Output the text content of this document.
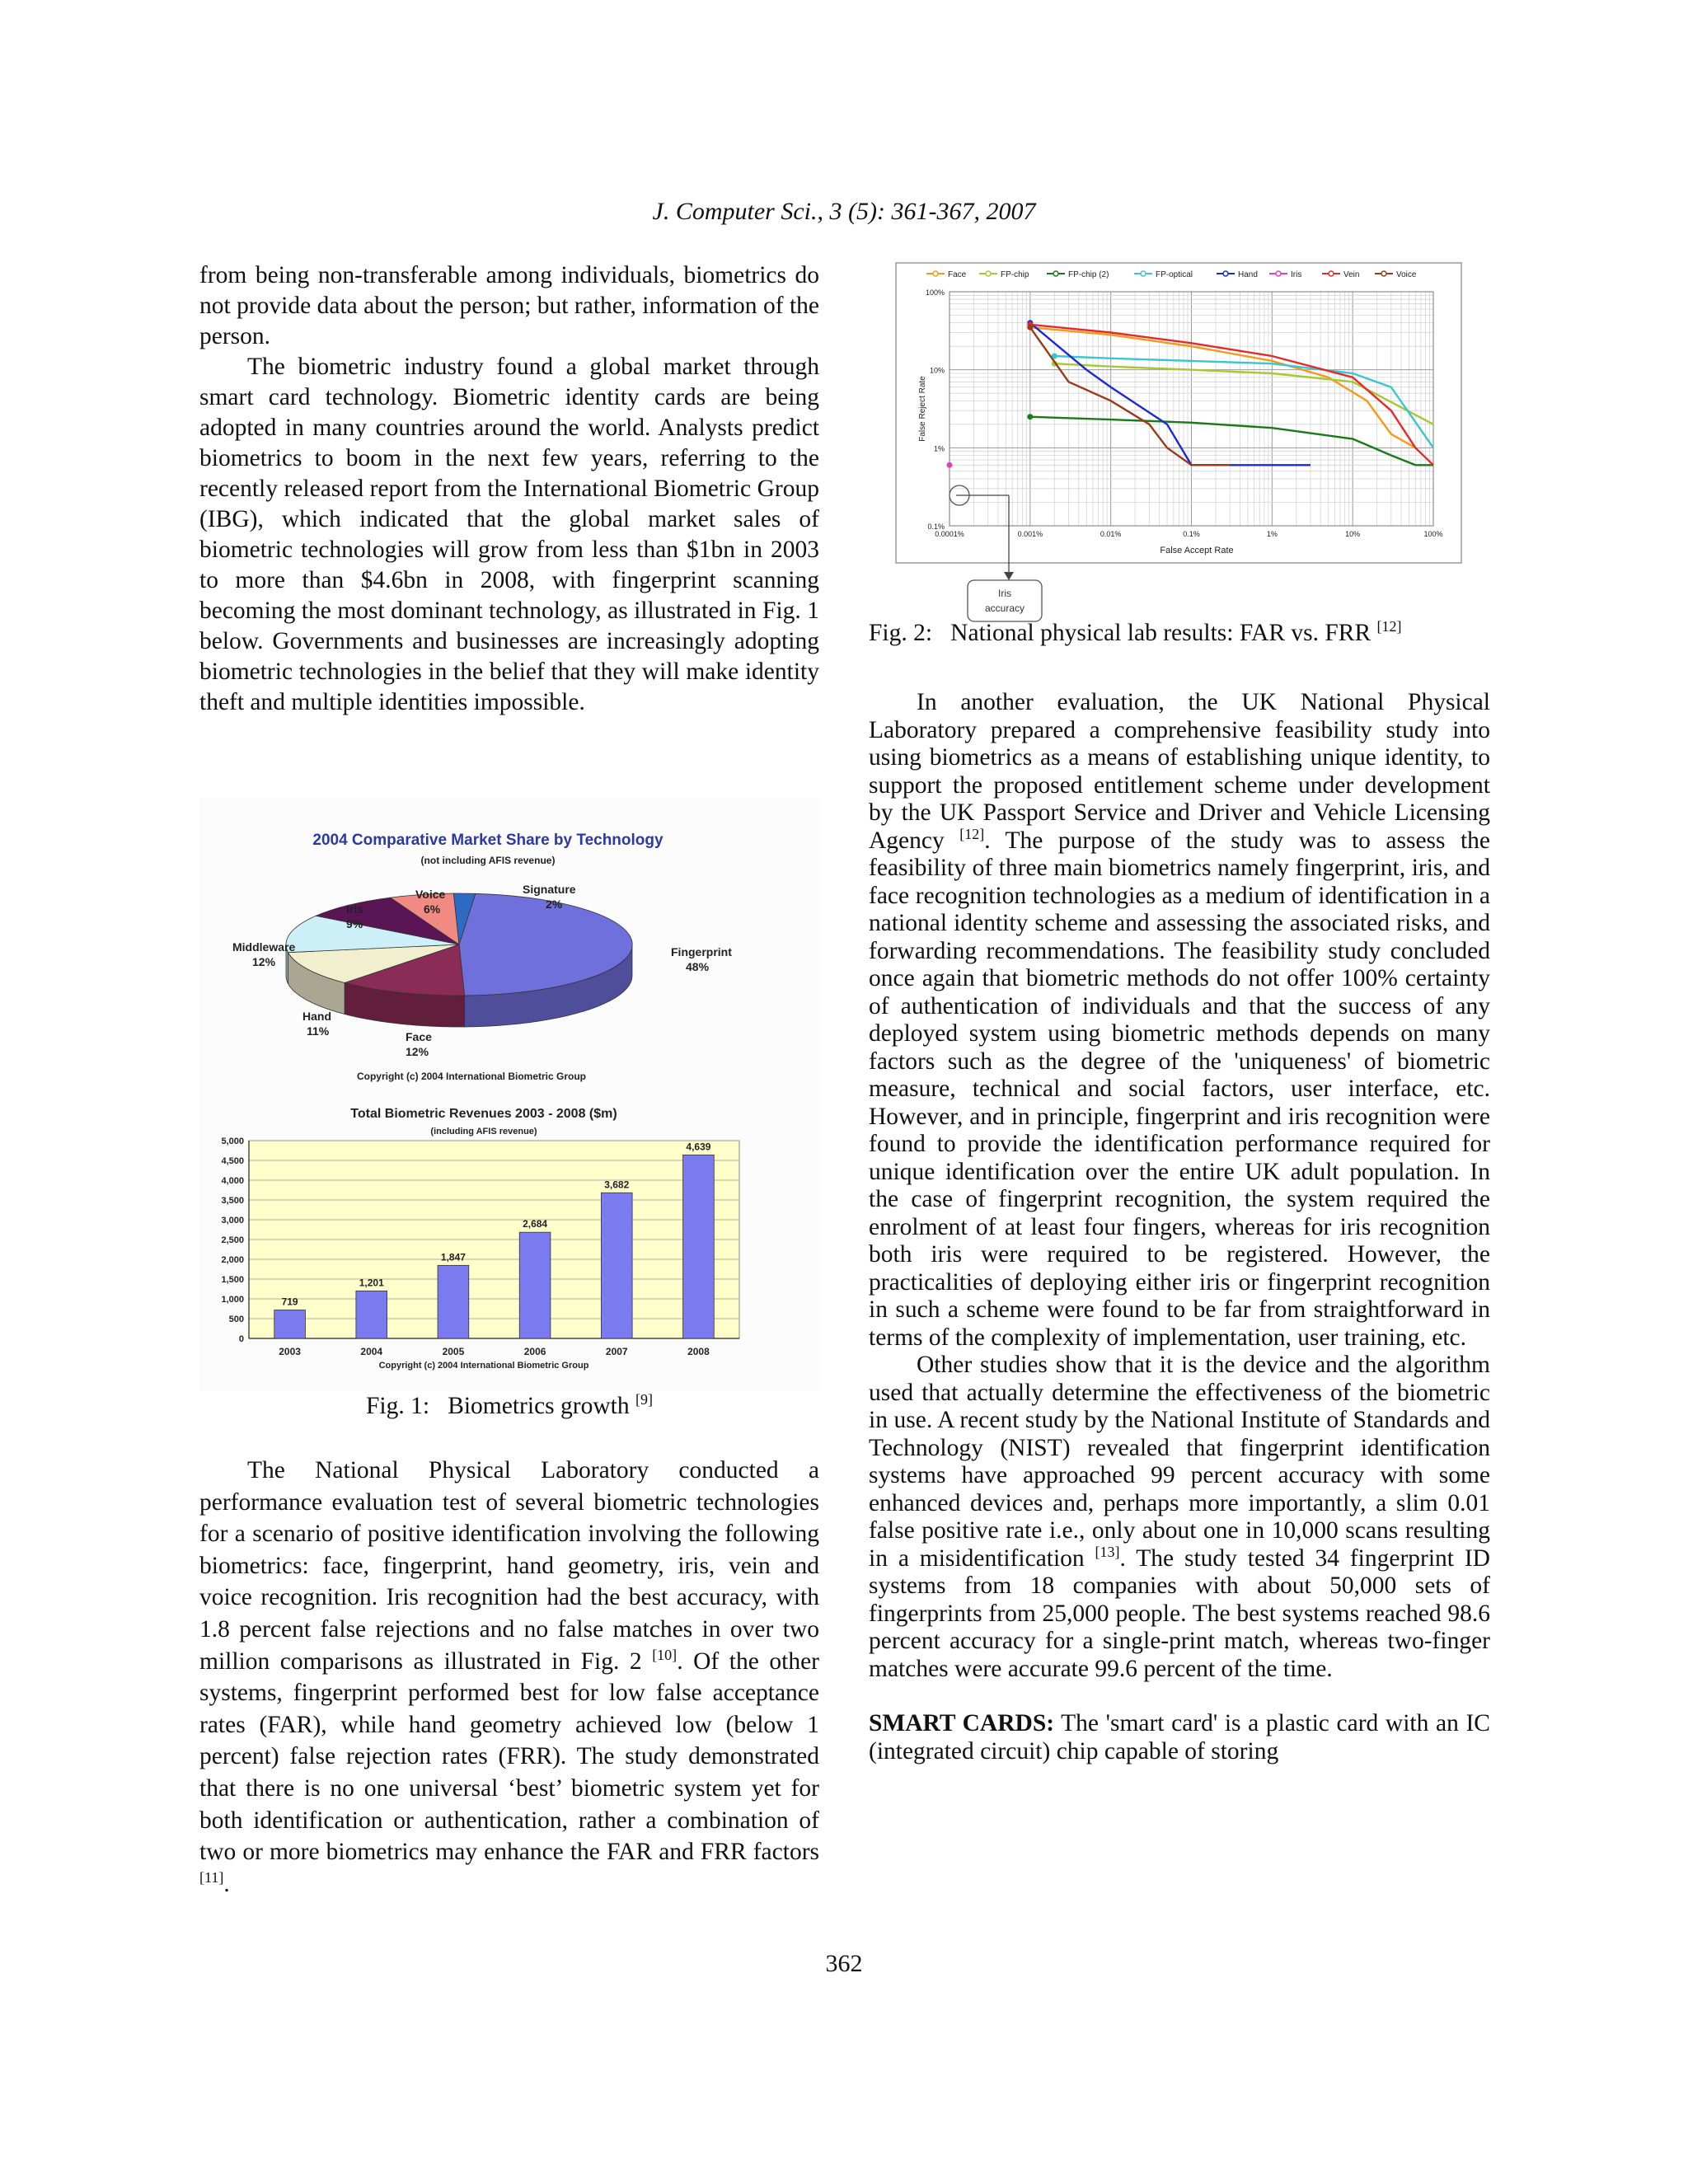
J. Computer Sci., 3 (5): 361-367, 2007

from being non-transferable among individuals, biometrics do not provide data about the person; but rather, information of the person.

The biometric industry found a global market through smart card technology. Biometric identity cards are being adopted in many countries around the world. Analysts predict biometrics to boom in the next few years, referring to the recently released report from the International Biometric Group (IBG), which indicated that the global market sales of biometric technologies will grow from less than $1bn in 2003 to more than $4.6bn in 2008, with fingerprint scanning becoming the most dominant technology, as illustrated in Fig. 1 below. Governments and businesses are increasingly adopting biometric technologies in the belief that they will make identity theft and multiple identities impossible.

2004 Comparative Market Share by Technology
(not including AFIS revenue)
Fingerprint
48%
Face
12%
Hand
11%
Middleware
12%
Iris
9%
Voice
6%
Signature
2%
Copyright (c) 2004 International Biometric Group
Total Biometric Revenues 2003 - 2008 ($m)
(including AFIS revenue)
0
500
1,000
1,500
2,000
2,500
3,000
3,500
4,000
4,500
5,000
719
2003
1,201
2004
1,847
2005
2,684
2006
3,682
2007
4,639
2008
Copyright (c) 2004 International Biometric Group
Fig. 1:   Biometrics growth [9]

The National Physical Laboratory conducted a performance evaluation test of several biometric technologies for a scenario of positive identification involving the following biometrics: face, fingerprint, hand geometry, iris, vein and voice recognition. Iris recognition had the best accuracy, with 1.8 percent false rejections and no false matches in over two million comparisons as illustrated in Fig. 2 [10]. Of the other systems, fingerprint performed best for low false acceptance rates (FAR), while hand geometry achieved low (below 1 percent) false rejection rates (FRR). The study demonstrated that there is no one universal ‘best’ biometric system yet for both identification or authentication, rather a combination of two or more biometrics may enhance the FAR and FRR factors [11].

Face	FP-chip	FP-chip (2)	FP-optical	Hand	Iris	Vein	Voice
100%
10%
1%
0.1%
0.0001%	0.001%	0.01%	0.1%	1%	10%	100%
False Reject Rate
False Accept Rate
Iris
accuracy
Fig. 2:   National physical lab results: FAR vs. FRR [12]

In another evaluation, the UK National Physical Laboratory prepared a comprehensive feasibility study into using biometrics as a means of establishing unique identity, to support the proposed entitlement scheme under development by the UK Passport Service and Driver and Vehicle Licensing Agency [12]. The purpose of the study was to assess the feasibility of three main biometrics namely fingerprint, iris, and face recognition technologies as a medium of identification in a national identity scheme and assessing the associated risks, and forwarding recommendations. The feasibility study concluded once again that biometric methods do not offer 100% certainty of authentication of individuals and that the success of any deployed system using biometric methods depends on many factors such as the degree of the 'uniqueness' of biometric measure, technical and social factors, user interface, etc. However, and in principle, fingerprint and iris recognition were found to provide the identification performance required for unique identification over the entire UK adult population. In the case of fingerprint recognition, the system required the enrolment of at least four fingers, whereas for iris recognition both iris were required to be registered. However, the practicalities of deploying either iris or fingerprint recognition in such a scheme were found to be far from straightforward in terms of the complexity of implementation, user training, etc.

Other studies show that it is the device and the algorithm used that actually determine the effectiveness of the biometric in use. A recent study by the National Institute of Standards and Technology (NIST) revealed that fingerprint identification systems have approached 99 percent accuracy with some enhanced devices and, perhaps more importantly, a slim 0.01 false positive rate i.e., only about one in 10,000 scans resulting in a misidentification [13]. The study tested 34 fingerprint ID systems from 18 companies with about 50,000 sets of fingerprints from 25,000 people. The best systems reached 98.6 percent accuracy for a single-print match, whereas two-finger matches were accurate 99.6 percent of the time.

SMART CARDS: The 'smart card' is a plastic card with an IC (integrated circuit) chip capable of storing

362
